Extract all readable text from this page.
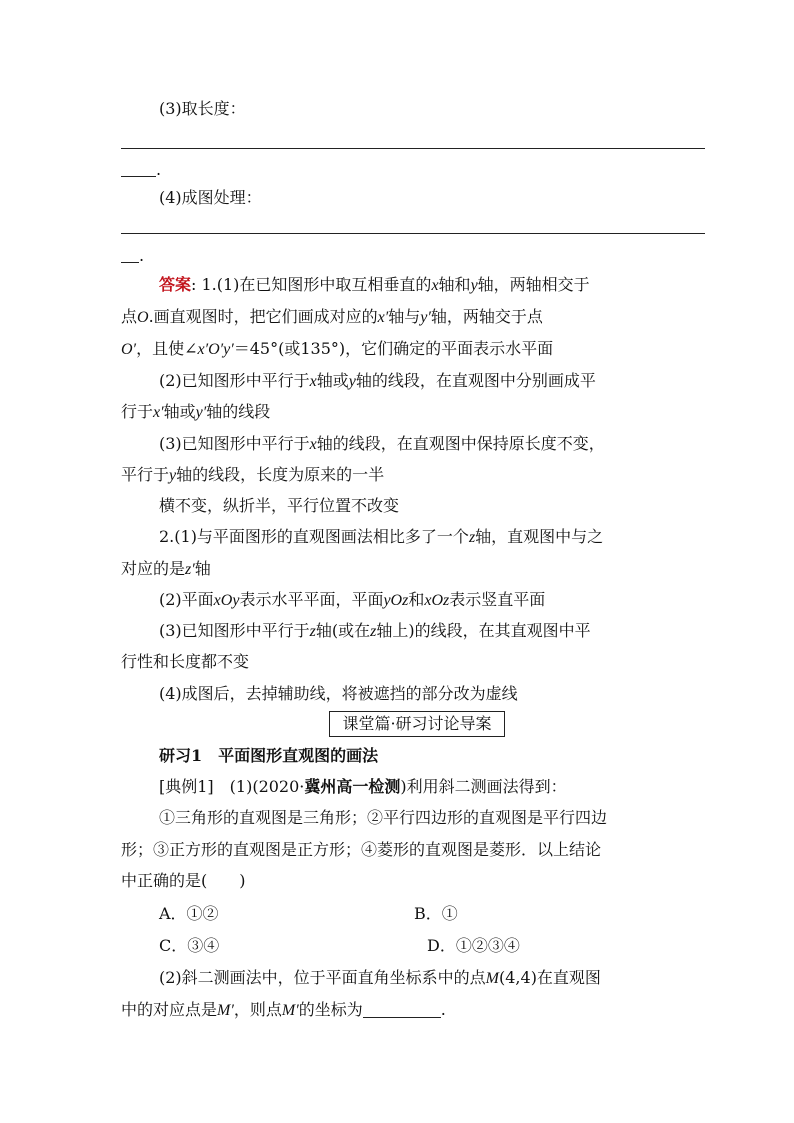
(3)取长度：
.
(4)成图处理：
.
答案: 1.(1)在已知图形中取互相垂直的x轴和y轴，两轴相交于
点O.画直观图时，把它们画成对应的x′轴与y′轴，两轴交于点
O′，且使∠x′O′y′＝45°(或135°)，它们确定的平面表示水平面
(2)已知图形中平行于x轴或y轴的线段，在直观图中分别画成平
行于x′轴或y′轴的线段
(3)已知图形中平行于x轴的线段，在直观图中保持原长度不变，
平行于y轴的线段，长度为原来的一半
横不变，纵折半，平行位置不改变
2.(1)与平面图形的直观图画法相比多了一个z轴，直观图中与之
对应的是z′轴
(2)平面xOy表示水平平面，平面yOz和xOz表示竖直平面
(3)已知图形中平行于z轴(或在z轴上)的线段，在其直观图中平
行性和长度都不变
(4)成图后，去掉辅助线，将被遮挡的部分改为虚线
课堂篇·研习讨论导案
研习1　平面图形直观图的画法
[典例1]　(1)(2020·冀州高一检测)利用斜二测画法得到：
①三角形的直观图是三角形；②平行四边形的直观图是平行四边
形；③正方形的直观图是正方形；④菱形的直观图是菱形．以上结论
中正确的是(　　)
A．①②	B．①
C．③④	D．①②③④
(2)斜二测画法中，位于平面直角坐标系中的点M(4,4)在直观图
中的对应点是M′，则点M′的坐标为	.
